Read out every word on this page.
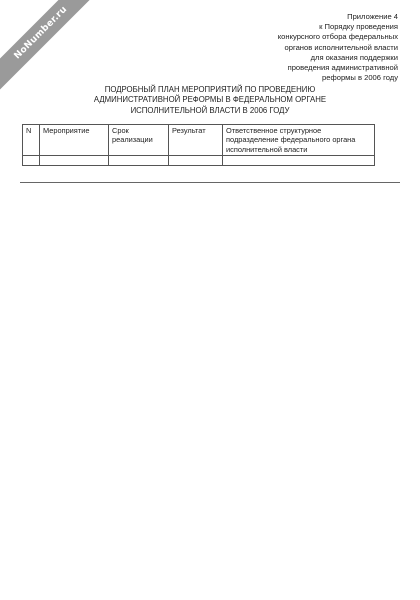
NoNumber.ru	Приложение 4
к Порядку проведения
конкурсного отбора федеральных
органов исполнительной власти
для оказания поддержки
проведения административной
реформы в 2006 году
ПОДРОБНЫЙ ПЛАН МЕРОПРИЯТИЙ ПО ПРОВЕДЕНИЮ
АДМИНИСТРАТИВНОЙ РЕФОРМЫ В ФЕДЕРАЛЬНОМ ОРГАНЕ
ИСПОЛНИТЕЛЬНОЙ ВЛАСТИ В 2006 ГОДУ
N	Мероприятие	Срок реализации	Результат	Ответственное структурное подразделение федерального органа исполнительной власти
